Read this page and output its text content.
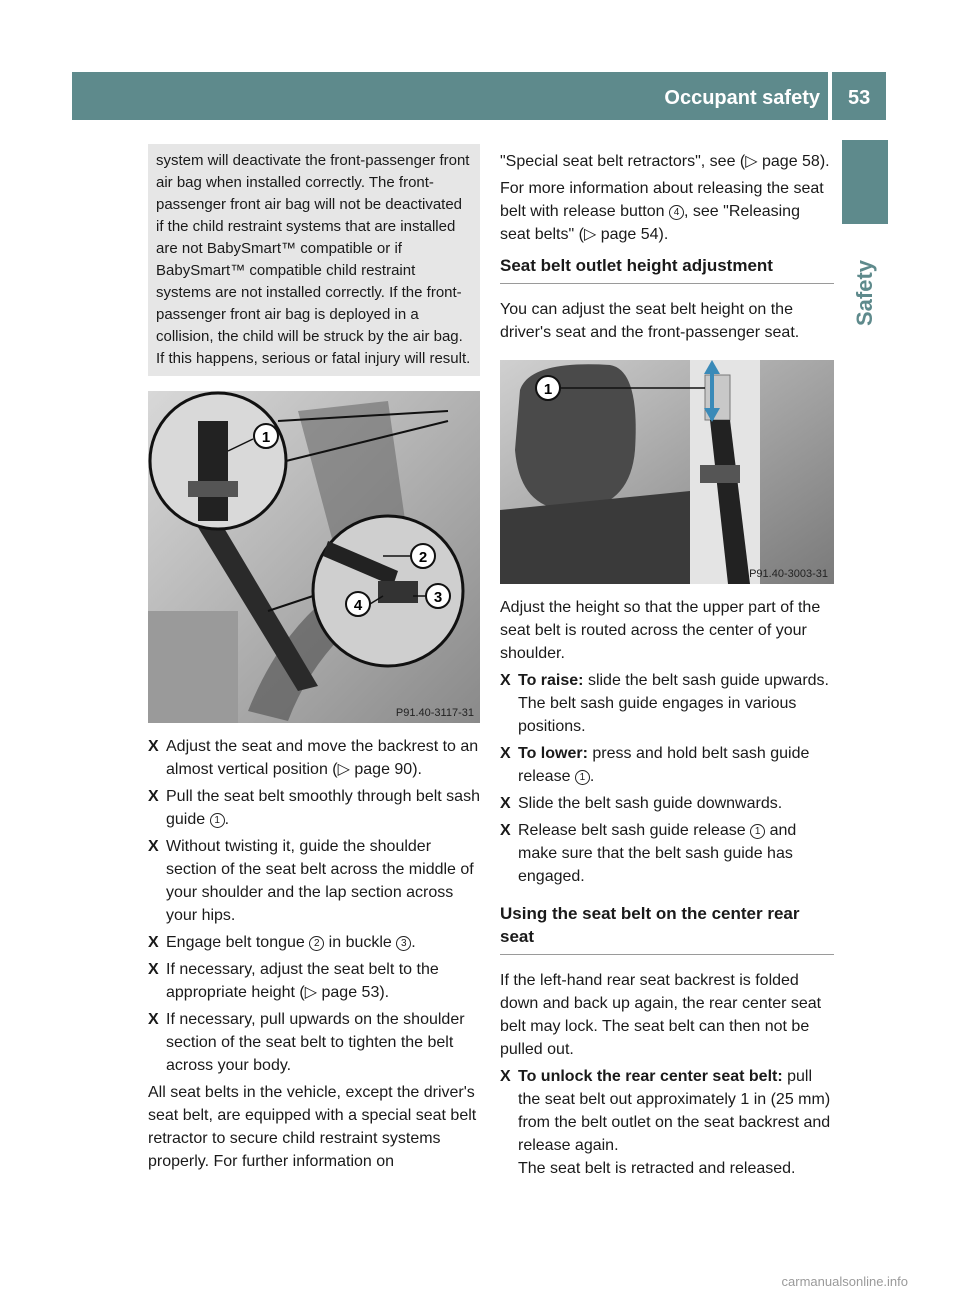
Occupant safety 53
Safety
system will deactivate the front-passenger front air bag when installed correctly. The front-passenger front air bag will not be deactivated if the child restraint systems that are installed are not BabySmart™ compatible or if BabySmart™ compatible child restraint systems are not installed correctly. If the front-passenger front air bag is deployed in a collision, the child will be struck by the air bag. If this happens, serious or fatal injury will result.
1
2
3
4
P91.40-3117-31
X Adjust the seat and move the backrest to an almost vertical position (▷ page 90).
X Pull the seat belt smoothly through belt sash guide 1 .
X Without twisting it, guide the shoulder section of the seat belt across the middle of your shoulder and the lap section across your hips.
X Engage belt tongue 2 in buckle 3 .
X If necessary, adjust the seat belt to the appropriate height (▷ page 53).
X If necessary, pull upwards on the shoulder section of the seat belt to tighten the belt across your body.

All seat belts in the vehicle, except the driver's seat belt, are equipped with a special seat belt retractor to secure child restraint systems properly. For further information on

"Special seat belt retractors", see (▷ page 58).

For more information about releasing the seat belt with release button 4 , see "Releasing seat belts" (▷ page 54).

Seat belt outlet height adjustment

You can adjust the seat belt height on the driver's seat and the front-passenger seat.

1
P91.40-3003-31

Adjust the height so that the upper part of the seat belt is routed across the center of your shoulder.

X To raise: slide the belt sash guide upwards. The belt sash guide engages in various positions.
X To lower: press and hold belt sash guide release 1 .
X Slide the belt sash guide downwards.
X Release belt sash guide release 1 and make sure that the belt sash guide has engaged.
Using the seat belt on the center rear seat

If the left-hand rear seat backrest is folded down and back up again, the rear center seat belt may lock. The seat belt can then not be pulled out.

X To unlock the rear center seat belt: pull the seat belt out approximately 1 in (25 mm) from the belt outlet on the seat backrest and release again.
The seat belt is retracted and released.
carmanualsonline.info
